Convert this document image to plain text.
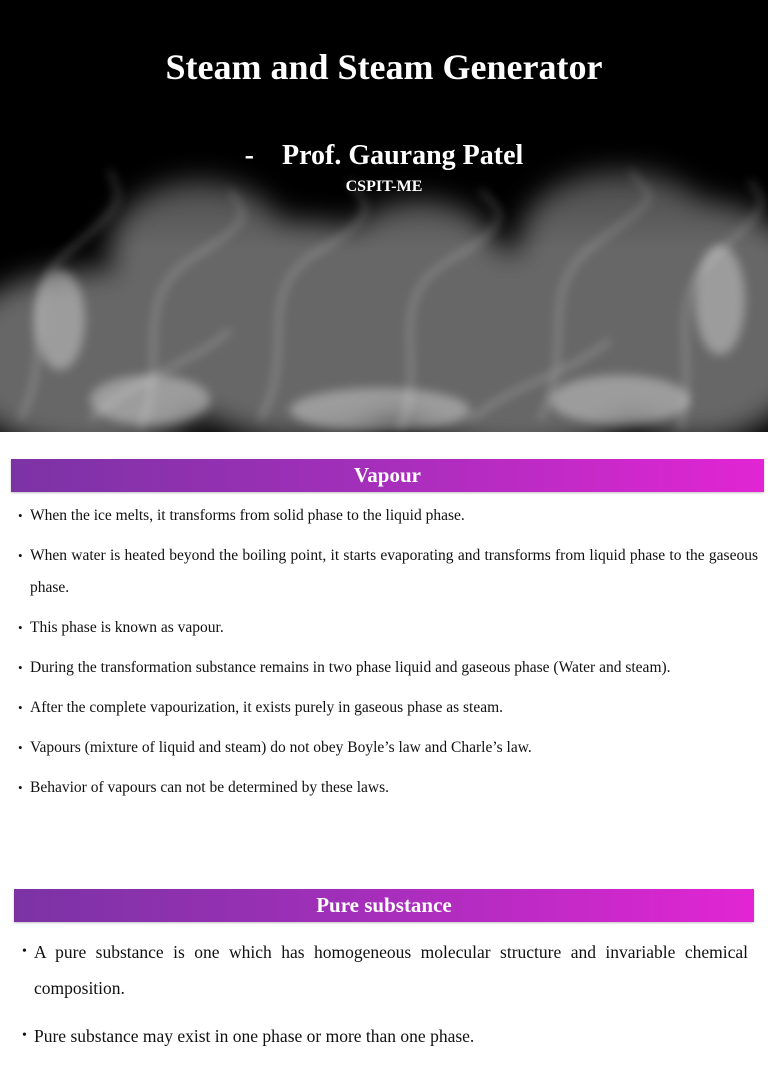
Steam and Steam Generator
- Prof. Gaurang Patel
CSPIT-ME
Vapour
• When the ice melts, it transforms from solid phase to the liquid phase.
• When water is heated beyond the boiling point, it starts evaporating and transforms from liquid phase to the gaseous phase.
• This phase is known as vapour.
• During the transformation substance remains in two phase liquid and gaseous phase (Water and steam).
• After the complete vapourization, it exists purely in gaseous phase as steam.
• Vapours (mixture of liquid and steam) do not obey Boyle’s law and Charle’s law.
• Behavior of vapours can not be determined by these laws.
Pure substance
• A pure substance is one which has homogeneous molecular structure and invariable chemical composition.
• Pure substance may exist in one phase or more than one phase.
